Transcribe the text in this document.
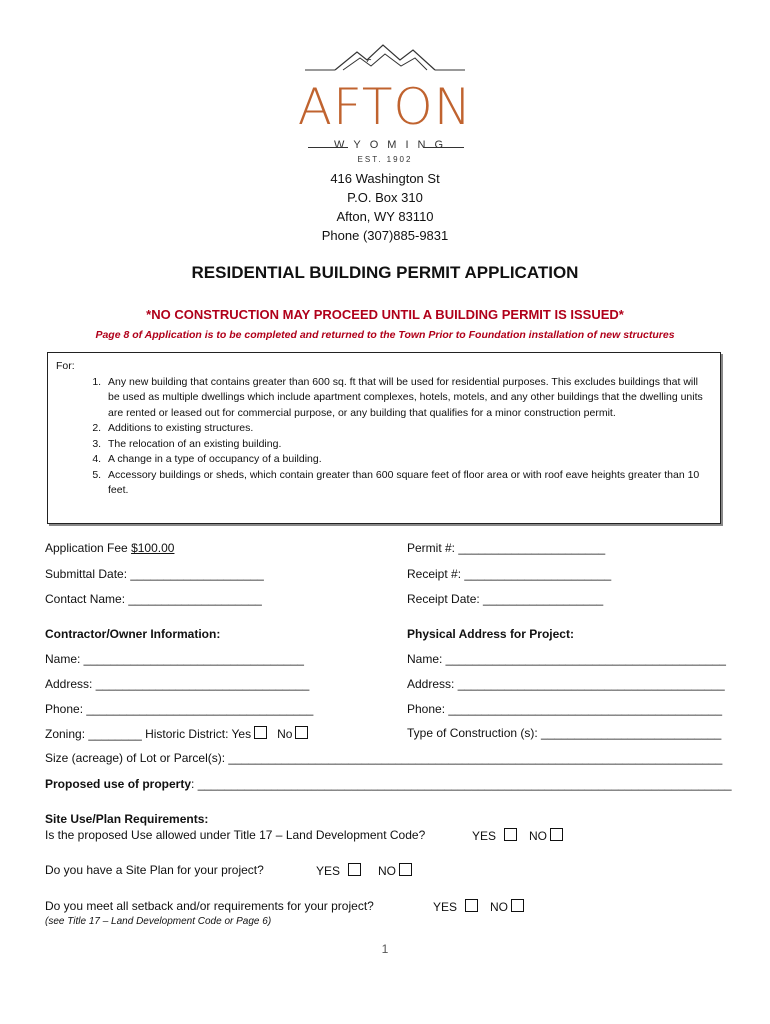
AFTON
WYOMING
EST. 1902
416 Washington St
P.O. Box 310
Afton, WY 83110
Phone (307)885-9831
RESIDENTIAL BUILDING PERMIT APPLICATION
*NO CONSTRUCTION MAY PROCEED UNTIL A BUILDING PERMIT IS ISSUED*
Page 8 of Application is to be completed and returned to the Town Prior to Foundation installation of new structures
For:
1. Any new building that contains greater than 600 sq. ft that will be used for residential purposes. This excludes buildings that will be used as multiple dwellings which include apartment complexes, hotels, motels, and any other buildings that the dwelling units are rented or leased out for commercial purpose, or any building that qualifies for a minor construction permit.
2. Additions to existing structures.
3. The relocation of an existing building.
4. A change in a type of occupancy of a building.
5. Accessory buildings or sheds, which contain greater than 600 square feet of floor area or with roof eave heights greater than 10 feet.
Application Fee $100.00	Permit #: ______________________
Submittal Date: ____________________	Receipt #: ______________________
Contact Name: ____________________	Receipt Date: __________________
Contractor/Owner Information:	Physical Address for Project:
Name: _________________________________	Name: __________________________________________
Address: ________________________________	Address: ________________________________________
Phone: __________________________________	Phone: _________________________________________
Zoning: ________ Historic District: Yes No	Type of Construction (s): ___________________________
Size (acreage) of Lot or Parcel(s): __________________________________________________________________________
Proposed use of property: ________________________________________________________________________________
Site Use/Plan Requirements:
Is the proposed Use allowed under Title 17 – Land Development Code?	YES	NO
Do you have a Site Plan for your project?	YES	NO
Do you meet all setback and/or requirements for your project?	YES	NO
(see Title 17 – Land Development Code or Page 6)
1
